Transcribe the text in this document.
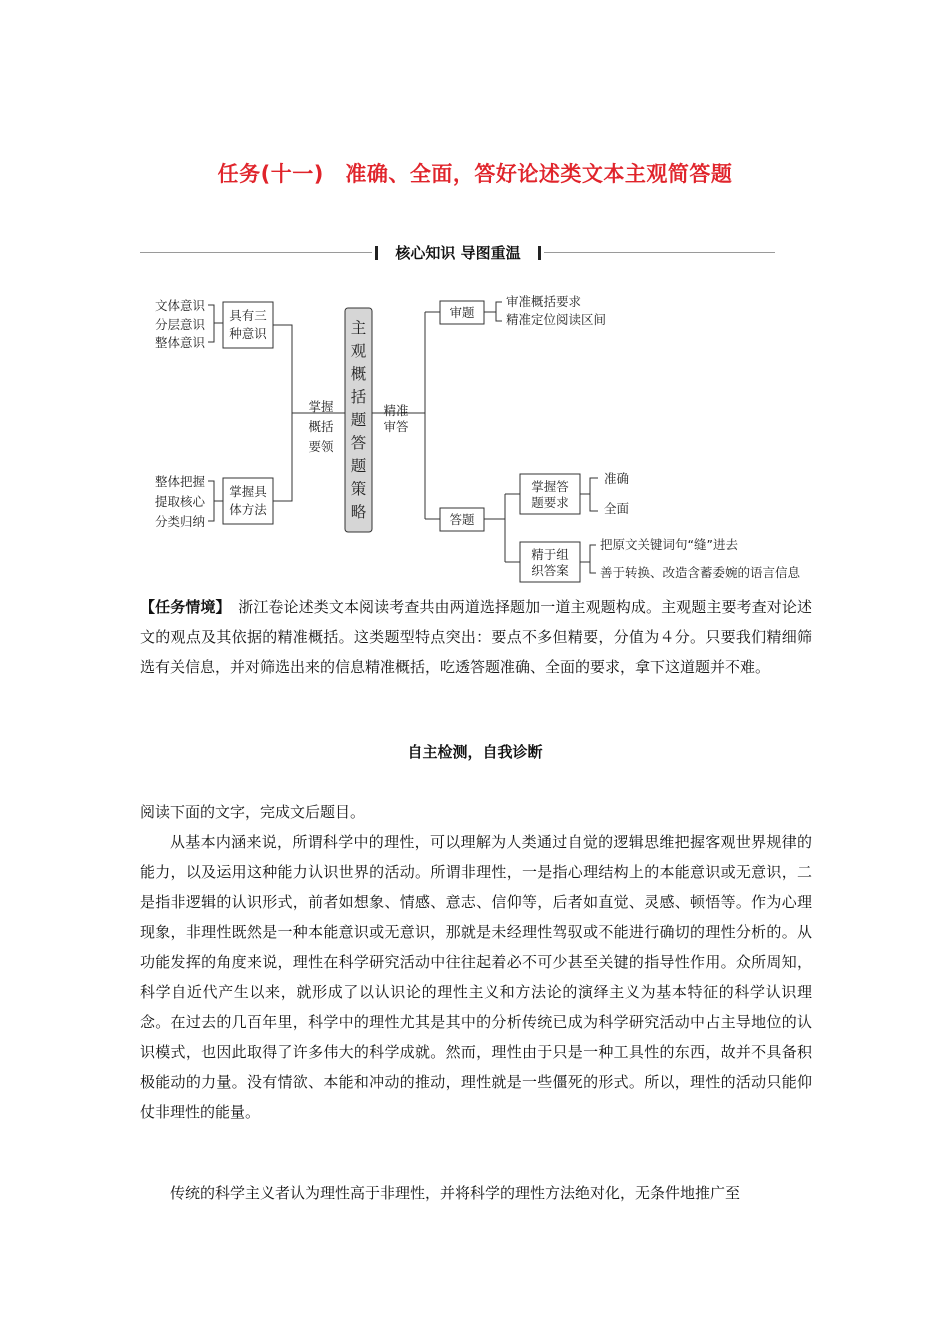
任务(十一)　准确、全面，答好论述类文本主观简答题
核心知识 导图重温
文体意识
分层意识
整体意识
具有三
种意识
整体把握
提取核心
分类归纳
掌握具
体方法
掌握
概括
要领
主
观
概
括
题
答
题
策
略
精准
审答
审题
审准概括要求
精准定位阅读区间
答题
掌握答
题要求
准确
全面
精于组
织答案
把原文关键词句“缝”进去
善于转换、改造含蓄委婉的语言信息

【任务情境】　浙江卷论述类文本阅读考查共由两道选择题加一道主观题构成。主观题主要考查对论述文的观点及其依据的精准概括。这类题型特点突出：要点不多但精要，分值为４分。只要我们精细筛选有关信息，并对筛选出来的信息精准概括，吃透答题准确、全面的要求，拿下这道题并不难。

自主检测，自我诊断

阅读下面的文字，完成文后题目。

从基本内涵来说，所谓科学中的理性，可以理解为人类通过自觉的逻辑思维把握客观世界规律的能力，以及运用这种能力认识世界的活动。所谓非理性，一是指心理结构上的本能意识或无意识，二是指非逻辑的认识形式，前者如想象、情感、意志、信仰等，后者如直觉、灵感、顿悟等。作为心理现象，非理性既然是一种本能意识或无意识，那就是未经理性驾驭或不能进行确切的理性分析的。从功能发挥的角度来说，理性在科学研究活动中往往起着必不可少甚至关键的指导性作用。众所周知，科学自近代产生以来，就形成了以认识论的理性主义和方法论的演绎主义为基本特征的科学认识理念。在过去的几百年里，科学中的理性尤其是其中的分析传统已成为科学研究活动中占主导地位的认识模式，也因此取得了许多伟大的科学成就。然而，理性由于只是一种工具性的东西，故并不具备积极能动的力量。没有情欲、本能和冲动的推动，理性就是一些僵死的形式。所以，理性的活动只能仰仗非理性的能量。

传统的科学主义者认为理性高于非理性，并将科学的理性方法绝对化，无条件地推广至
